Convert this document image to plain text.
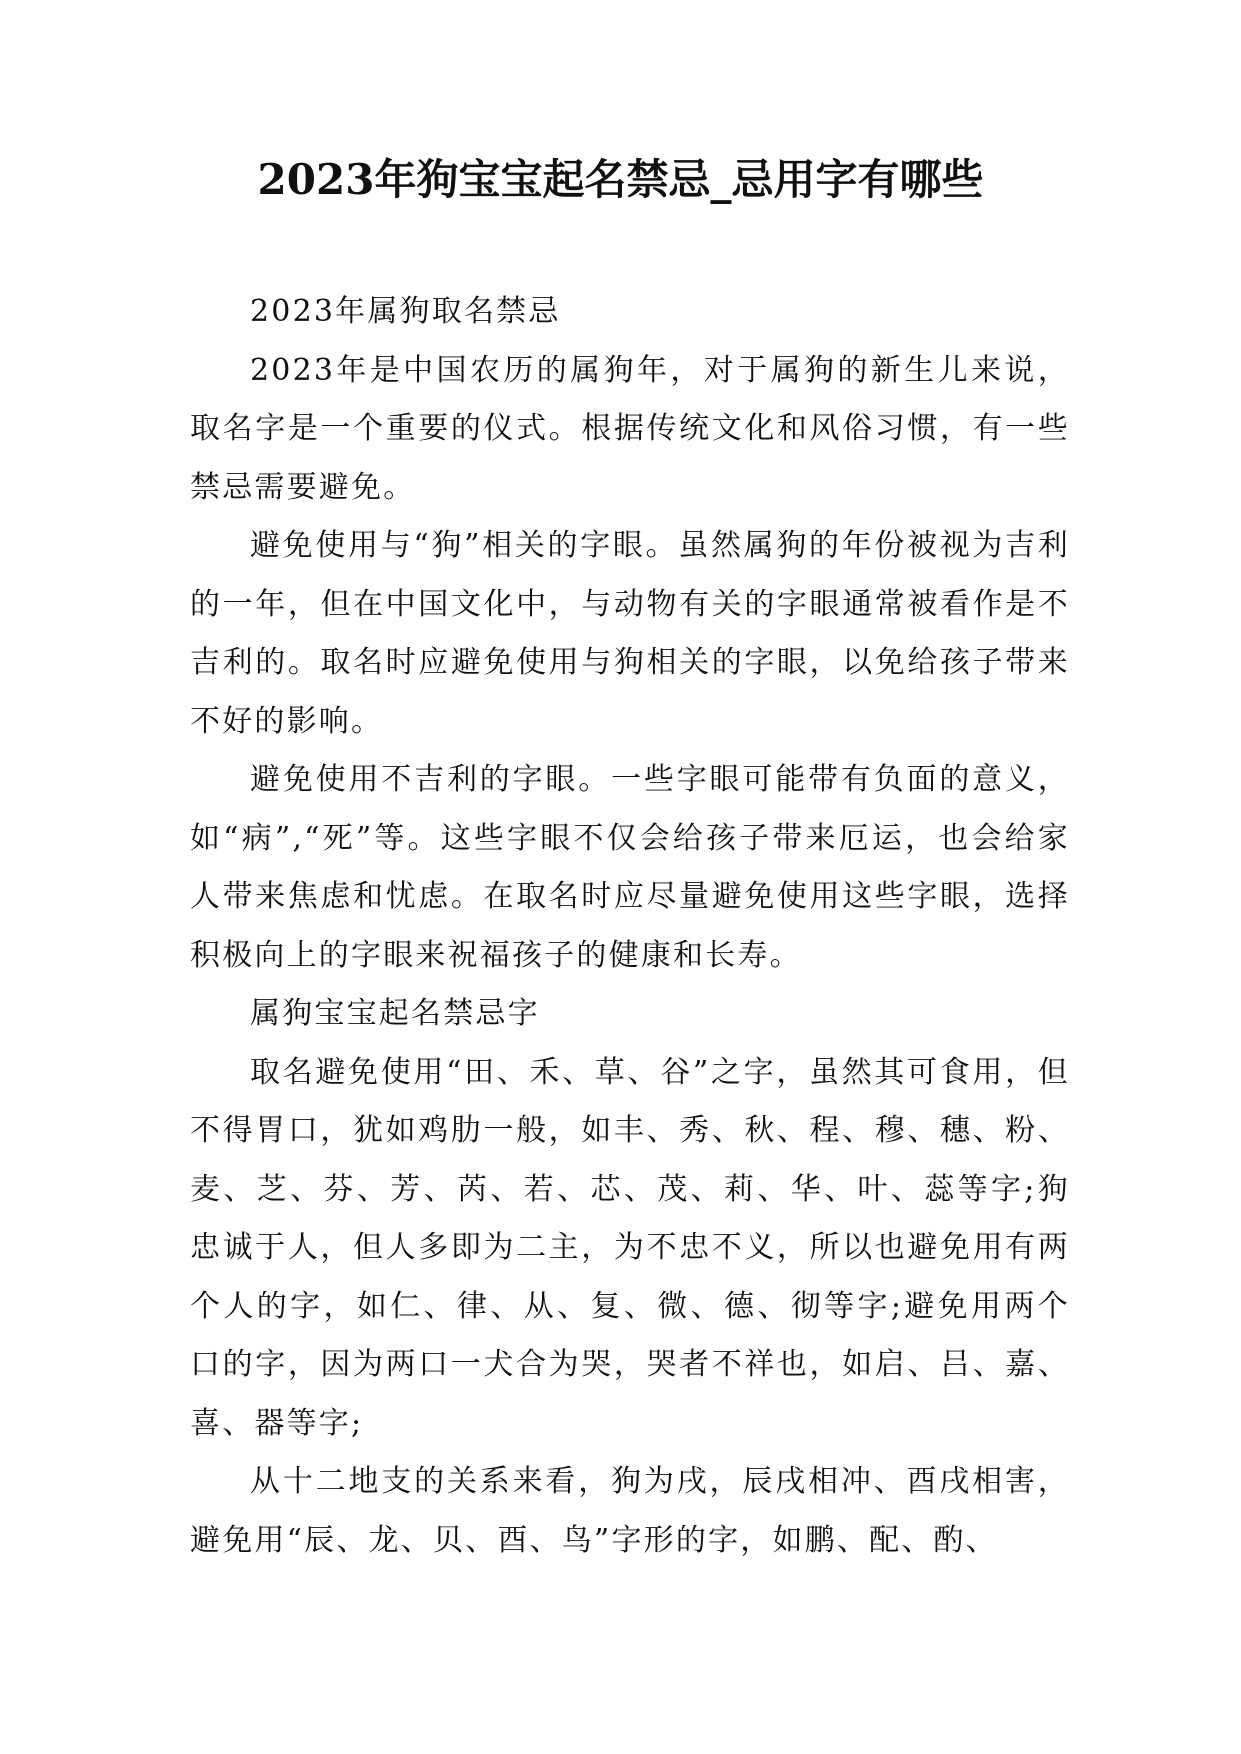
2023年狗宝宝起名禁忌_忌用字有哪些

2023年属狗取名禁忌

2023年是中国农历的属狗年，对于属狗的新生儿来说，取名字是一个重要的仪式。根据传统文化和风俗习惯，有一些禁忌需要避免。

避免使用与“狗”相关的字眼。虽然属狗的年份被视为吉利的一年，但在中国文化中，与动物有关的字眼通常被看作是不吉利的。取名时应避免使用与狗相关的字眼，以免给孩子带来不好的影响。

避免使用不吉利的字眼。一些字眼可能带有负面的意义，如“病”,“死”等。这些字眼不仅会给孩子带来厄运，也会给家人带来焦虑和忧虑。在取名时应尽量避免使用这些字眼，选择积极向上的字眼来祝福孩子的健康和长寿。

属狗宝宝起名禁忌字

取名避免使用“田、禾、草、谷”之字，虽然其可食用，但不得胃口，犹如鸡肋一般，如丰、秀、秋、程、穆、穗、粉、麦、芝、芬、芳、芮、若、芯、茂、莉、华、叶、蕊等字;狗忠诚于人，但人多即为二主，为不忠不义，所以也避免用有两个人的字，如仁、律、从、复、微、德、彻等字;避免用两个口的字，因为两口一犬合为哭，哭者不祥也，如启、吕、嘉、喜、器等字;

从十二地支的关系来看，狗为戌，辰戌相冲、酉戌相害，避免用“辰、龙、贝、酉、鸟”字形的字，如鹏、配、酌、
